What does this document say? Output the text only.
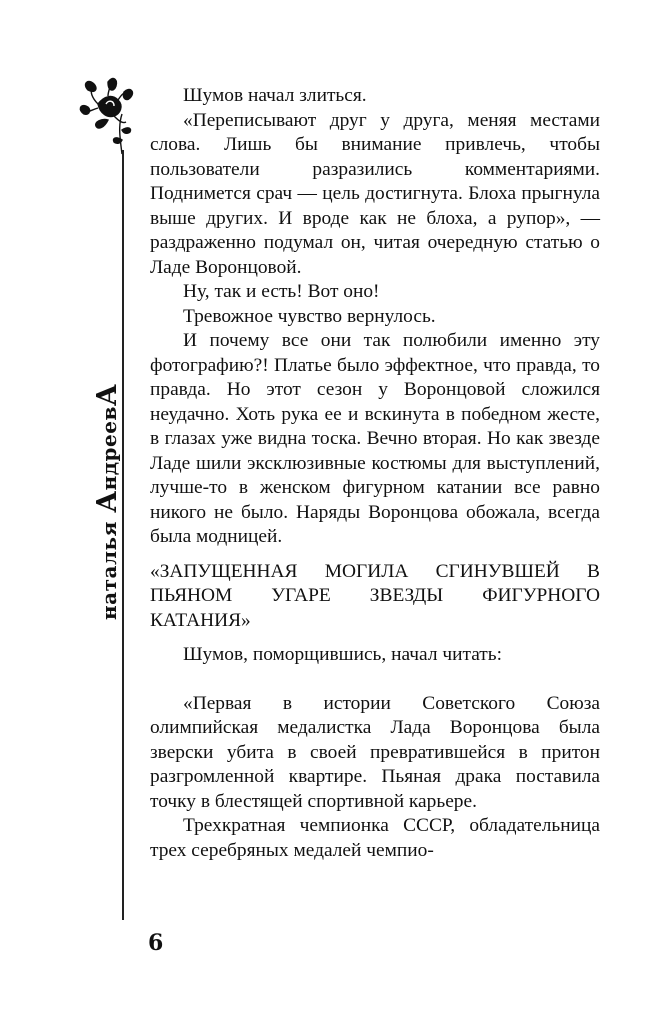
наталья АндреевА

Шумов начал злиться.

«Переписывают друг у друга, меняя местами слова. Лишь бы внимание привлечь, чтобы пользователи разразились комментариями. Поднимется срач — цель достигнута. Блоха прыгнула выше других. И вроде как не блоха, а рупор», — раздраженно подумал он, читая очередную статью о Ладе Воронцовой.

Ну, так и есть! Вот оно!

Тревожное чувство вернулось.

И почему все они так полюбили именно эту фотографию?! Платье было эффектное, что правда, то правда. Но этот сезон у Воронцовой сложился неудачно. Хоть рука ее и вскинута в победном жесте, в глазах уже видна тоска. Вечно вторая. Но как звезде Ладе шили эксклюзивные костюмы для выступлений, лучше-то в женском фигурном катании все равно никого не было. Наряды Воронцова обожала, всегда была модницей.

«ЗАПУЩЕННАЯ МОГИЛА СГИНУВШЕЙ В ПЬЯНОМ УГАРЕ ЗВЕЗДЫ ФИГУРНОГО КАТАНИЯ»

Шумов, поморщившись, начал читать:

«Первая в истории Советского Союза олимпийская медалистка Лада Воронцова была зверски убита в своей превратившейся в притон разгромленной квартире. Пьяная драка поставила точку в блестящей спортивной карьере.

Трехкратная чемпионка СССР, обладательница трех серебряных медалей чемпио-

6
